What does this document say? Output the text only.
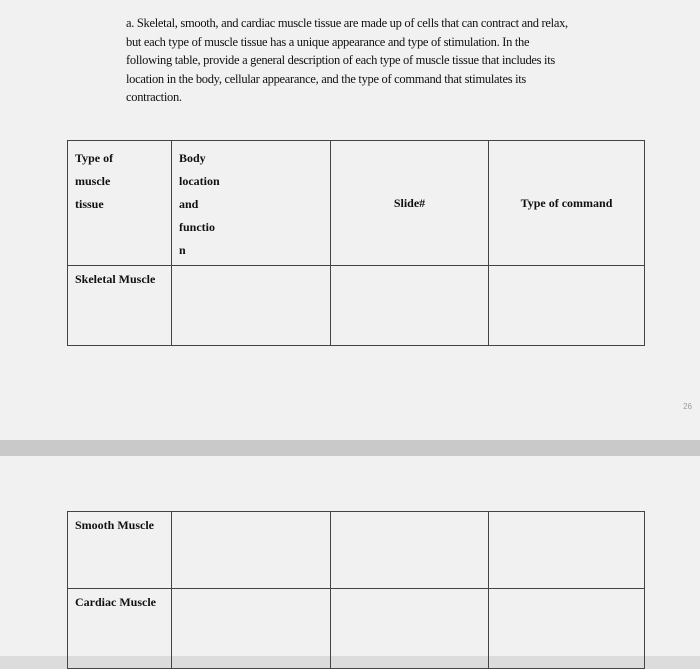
a. Skeletal, smooth, and cardiac muscle tissue are made up of cells that can contract and relax,
but each type of muscle tissue has a unique appearance and type of stimulation. In the
following table, provide a general description of each type of muscle tissue that includes its
location in the body, cellular appearance, and the type of command that stimulates its
contraction.
Type of
muscle
tissue	Body
location
and
functio
n	Slide#	Type of command

Skeletal Muscle			

26
Smooth Muscle			

Cardiac Muscle			
